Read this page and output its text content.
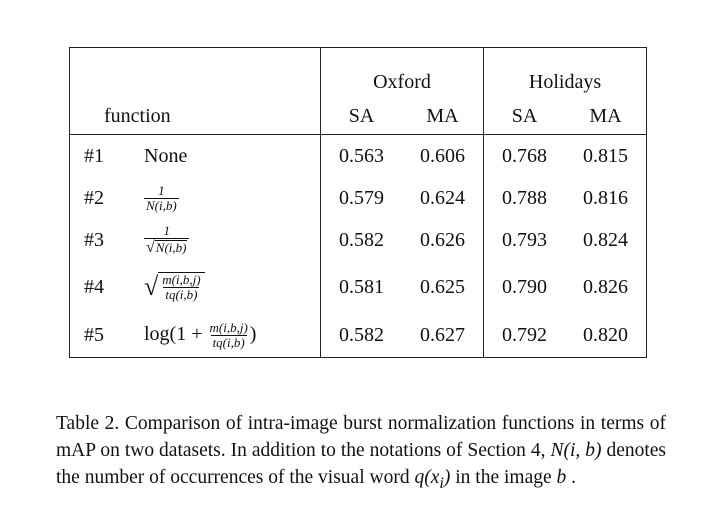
		Oxford		Holidays	
function		SA	MA	SA	MA
#1	None	0.563	0.606	0.768	0.815
#2	$\frac{1}{N(i,b)}$	0.579	0.624	0.788	0.816
#3	$\frac{1}{√ N(i,b)}$	0.582	0.626	0.793	0.824
#4	√ $\frac{m(i,b,j)}{tq(i,b)}$	0.581	0.625	0.790	0.826
#5	$\log(1 + \frac{m(i,b,j)}{tq(i,b)}$ )	0.582	0.627	0.792	0.820

Table 2. Comparison of intra-image burst normalization functions in terms of mAP on two datasets. In addition to the notations of Section 4, N(i, b) denotes the number of occurrences of the visual word $q(x_i)$ in the image b .
